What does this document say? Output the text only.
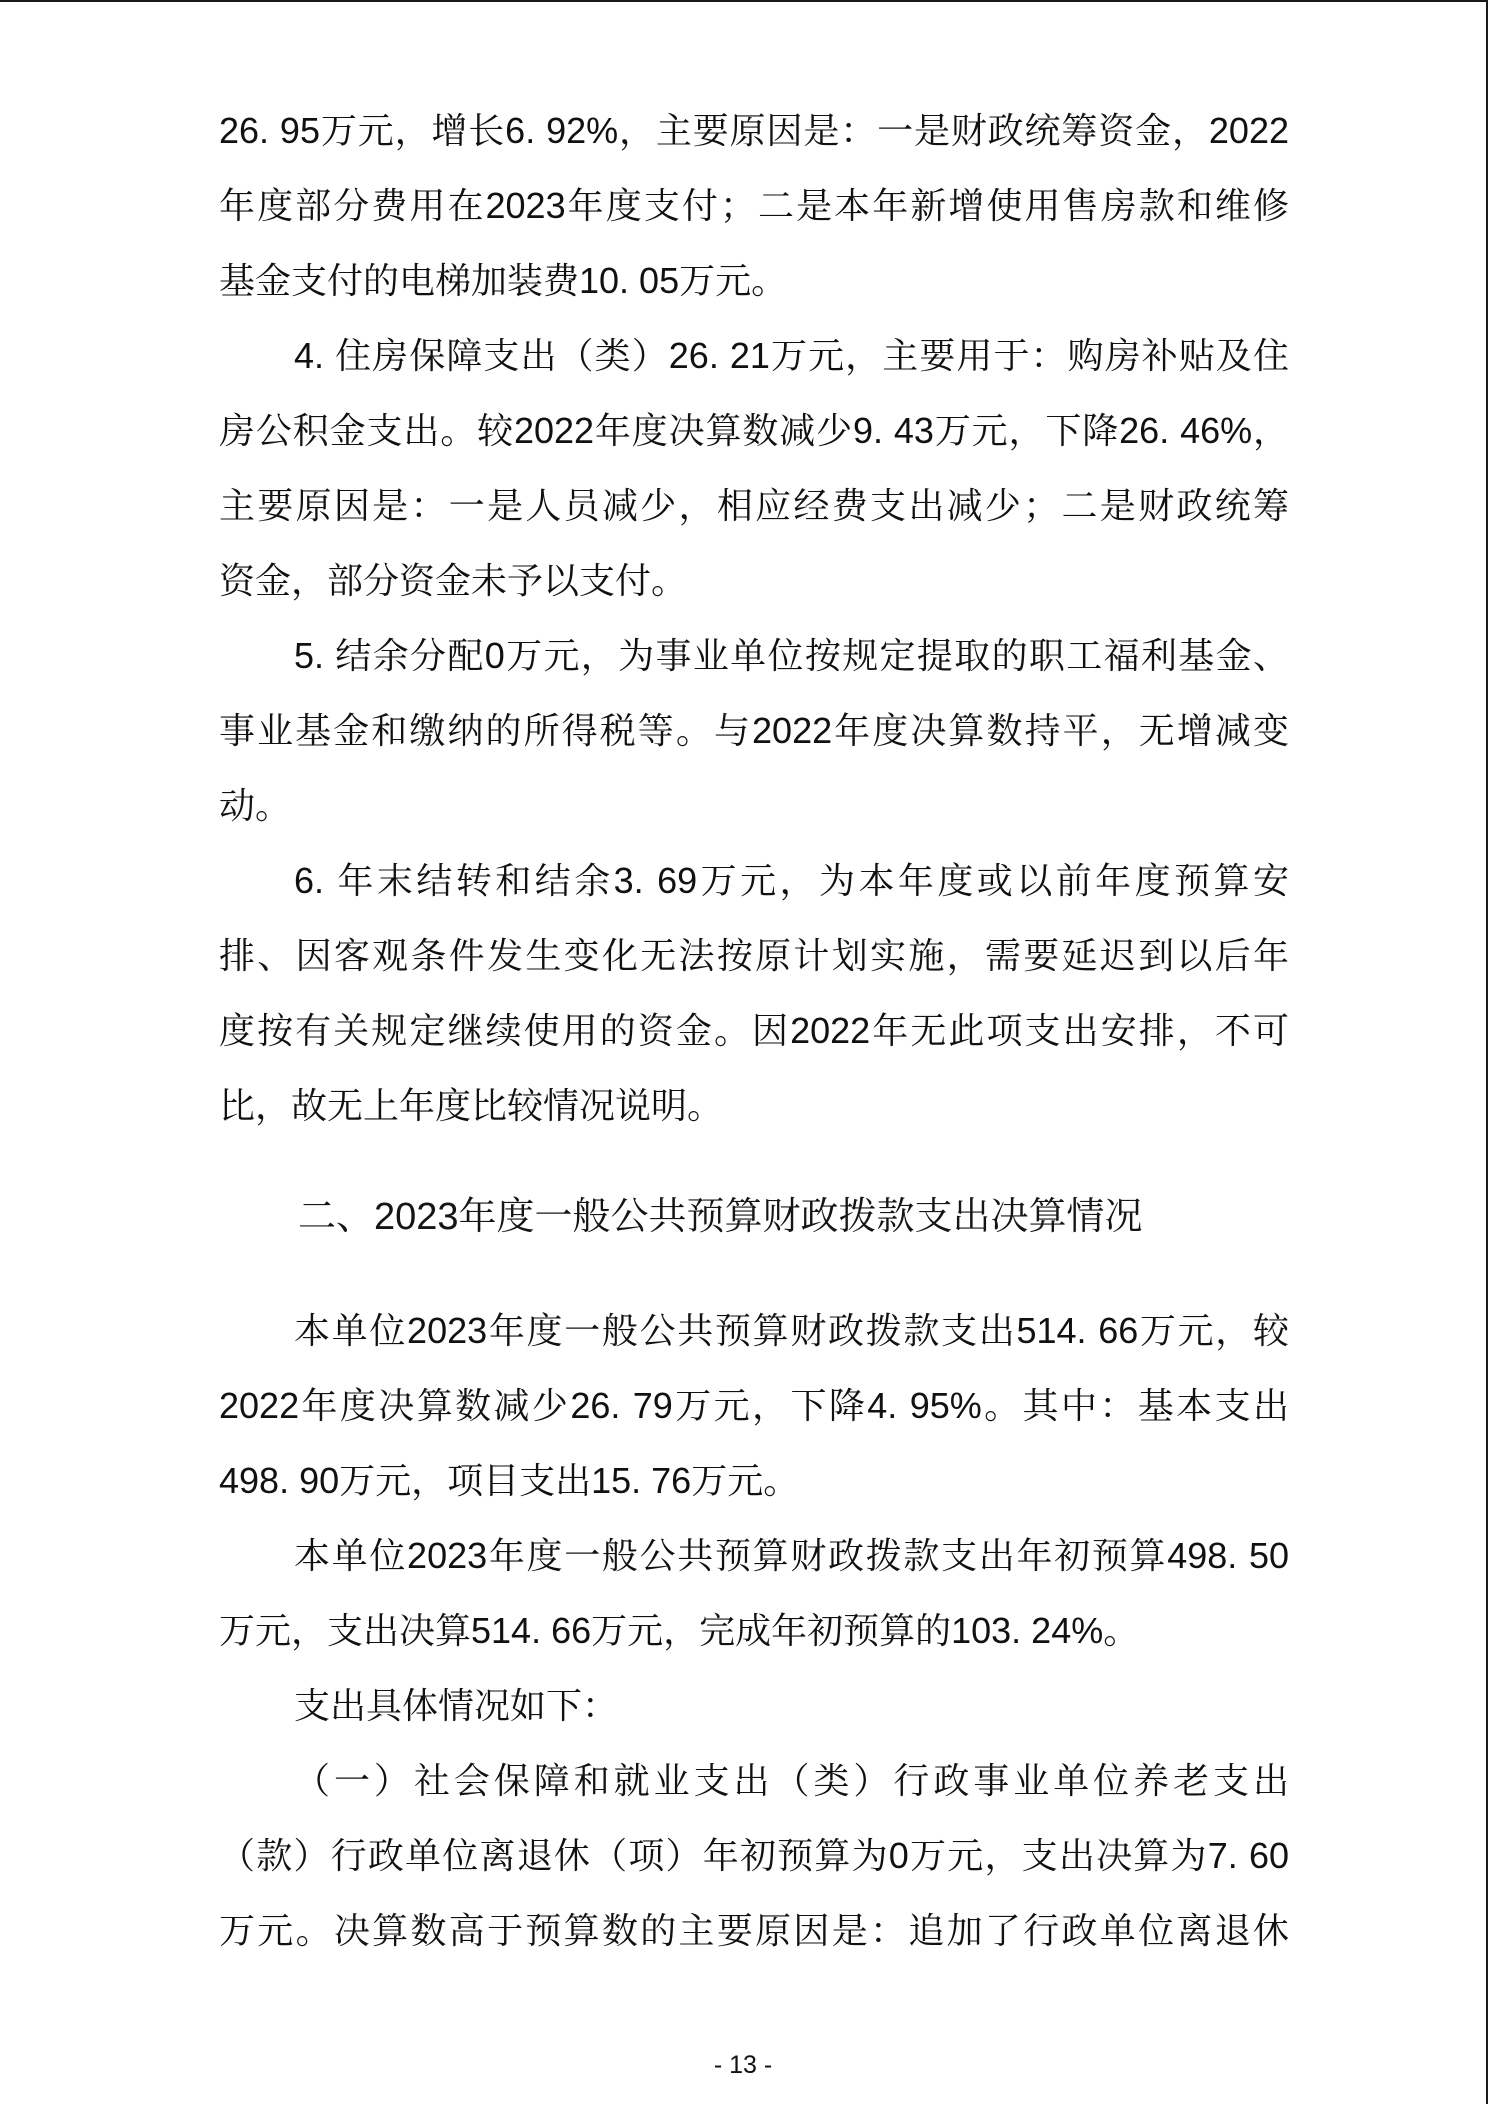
26. 95万元，增长6. 92%，主要原因是：一是财政统筹资金，2022
年度部分费用在2023年度支付；二是本年新增使用售房款和维修
基金支付的电梯加装费10. 05万元。
4. 住房保障支出（类）26. 21万元，主要用于：购房补贴及住
房公积金支出。较2022年度决算数减少9. 43万元，下降26. 46%，
主要原因是：一是人员减少，相应经费支出减少；二是财政统筹
资金，部分资金未予以支付。
5. 结余分配0万元，为事业单位按规定提取的职工福利基金、
事业基金和缴纳的所得税等。与2022年度决算数持平，无增减变
动。
6. 年末结转和结余3. 69万元，为本年度或以前年度预算安
排、因客观条件发生变化无法按原计划实施，需要延迟到以后年
度按有关规定继续使用的资金。因2022年无此项支出安排，不可
比，故无上年度比较情况说明。
二、2023年度一般公共预算财政拨款支出决算情况
本单位2023年度一般公共预算财政拨款支出514. 66万元，较
2022年度决算数减少26. 79万元，下降4. 95%。其中：基本支出
498. 90万元，项目支出15. 76万元。
本单位2023年度一般公共预算财政拨款支出年初预算498. 50
万元，支出决算514. 66万元，完成年初预算的103. 24%。
支出具体情况如下：
（一）社会保障和就业支出（类）行政事业单位养老支出
（款）行政单位离退休（项）年初预算为0万元，支出决算为7. 60
万元。决算数高于预算数的主要原因是：追加了行政单位离退休
- 13 -
